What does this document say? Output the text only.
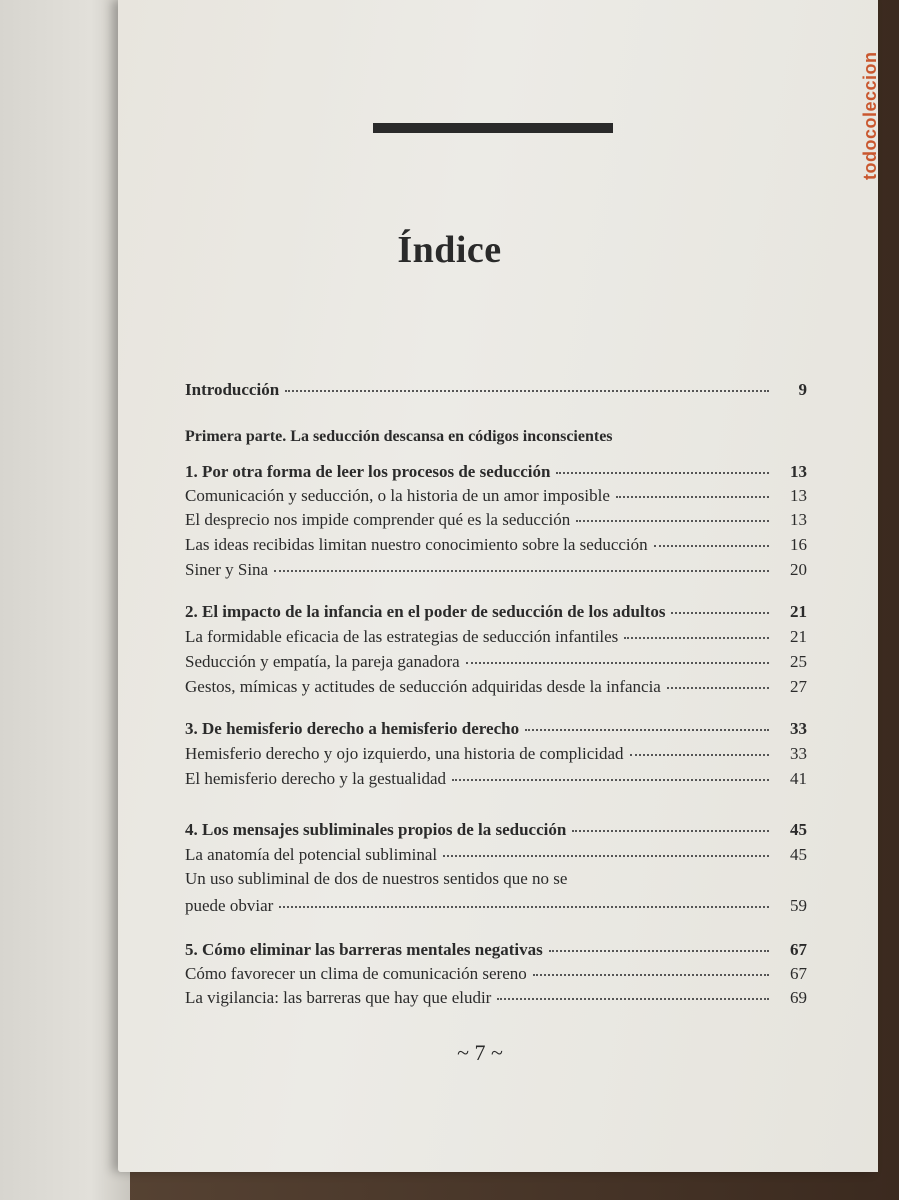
Índice
Introducción	9
Primera parte. La seducción descansa en códigos inconscientes
1. Por otra forma de leer los procesos de seducción	13
Comunicación y seducción, o la historia de un amor imposible	13
El desprecio nos impide comprender qué es la seducción	13
Las ideas recibidas limitan nuestro conocimiento sobre la seducción	16
Siner y Sina	20
2. El impacto de la infancia en el poder de seducción de los adultos	21
La formidable eficacia de las estrategias de seducción infantiles	21
Seducción y empatía, la pareja ganadora	25
Gestos, mímicas y actitudes de seducción adquiridas desde la infancia	27
3. De hemisferio derecho a hemisferio derecho	33
Hemisferio derecho y ojo izquierdo, una historia de complicidad	33
El hemisferio derecho y la gestualidad	41
4. Los mensajes subliminales propios de la seducción	45
La anatomía del potencial subliminal	45
Un uso subliminal de dos de nuestros sentidos que no se
puede obviar	59
5. Cómo eliminar las barreras mentales negativas	67
Cómo favorecer un clima de comunicación sereno	67
La vigilancia: las barreras que hay que eludir	69
~ 7 ~
todocoleccion
